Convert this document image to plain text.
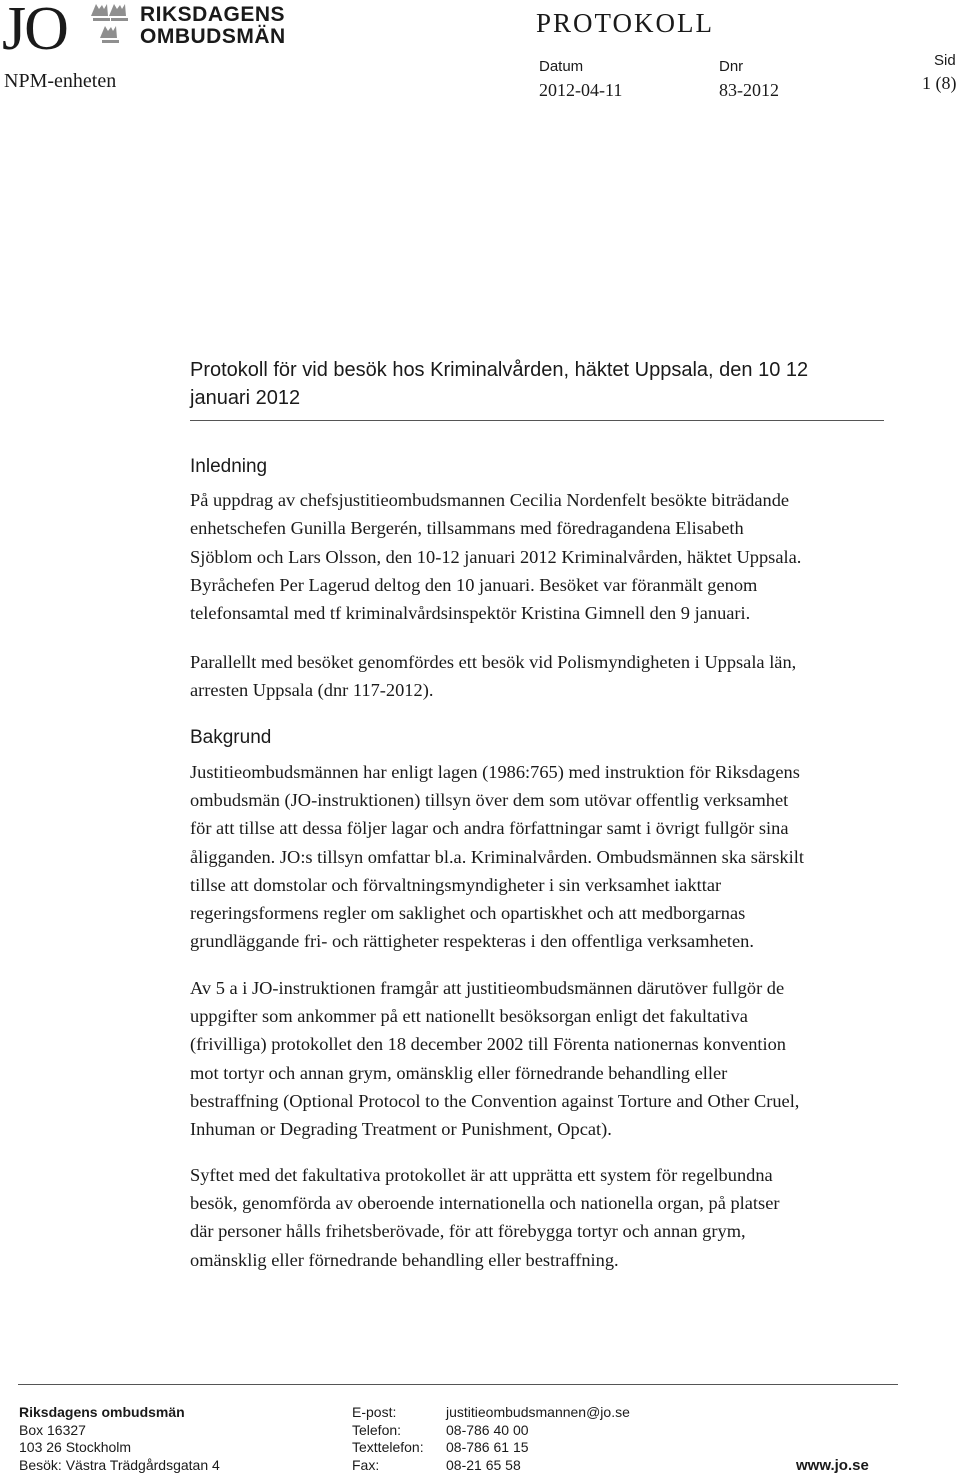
JO	RIKSDAGENS
OMBUDSMÄN
NPM-enheten
PROTOKOLL
Datum
2012-04-11
Dnr
83-2012
Sid
1 (8)
Protokoll för vid besök hos Kriminalvården, häktet Uppsala, den 10 12
januari 2012
Inledning
På uppdrag av chefsjustitieombudsmannen Cecilia Nordenfelt besökte biträdande
enhetschefen Gunilla Bergerén, tillsammans med föredragandena Elisabeth
Sjöblom och Lars Olsson, den 10-12 januari 2012 Kriminalvården, häktet Uppsala.
Byråchefen Per Lagerud deltog den 10 januari. Besöket var föranmält genom
telefonsamtal med tf kriminalvårdsinspektör Kristina Gimnell den 9 januari.
Parallellt med besöket genomfördes ett besök vid Polismyndigheten i Uppsala län,
arresten Uppsala (dnr 117-2012).
Bakgrund
Justitieombudsmännen har enligt lagen (1986:765) med instruktion för Riksdagens
ombudsmän (JO-instruktionen) tillsyn över dem som utövar offentlig verksamhet
för att tillse att dessa följer lagar och andra författningar samt i övrigt fullgör sina
åligganden. JO:s tillsyn omfattar bl.a. Kriminalvården. Ombudsmännen ska särskilt
tillse att domstolar och förvaltningsmyndigheter i sin verksamhet iakttar
regeringsformens regler om saklighet och opartiskhet och att medborgarnas
grundläggande fri- och rättigheter respekteras i den offentliga verksamheten.
Av 5 a i JO-instruktionen framgår att justitieombudsmännen därutöver fullgör de
uppgifter som ankommer på ett nationellt besöksorgan enligt det fakultativa
(frivilliga) protokollet den 18 december 2002 till Förenta nationernas konvention
mot tortyr och annan grym, omänsklig eller förnedrande behandling eller
bestraffning (Optional Protocol to the Convention against Torture and Other Cruel,
Inhuman or Degrading Treatment or Punishment, Opcat).
Syftet med det fakultativa protokollet är att upprätta ett system för regelbundna
besök, genomförda av oberoende internationella och nationella organ, på platser
där personer hålls frihetsberövade, för att förebygga tortyr och annan grym,
omänsklig eller förnedrande behandling eller bestraffning.
Riksdagens ombudsmän
Box 16327
103 26 Stockholm
Besök: Västra Trädgårdsgatan 4
E-post:
Telefon:
Texttelefon:
Fax:
justitieombudsmannen@jo.se
08-786 40 00
08-786 61 15
08-21 65 58	www.jo.se
